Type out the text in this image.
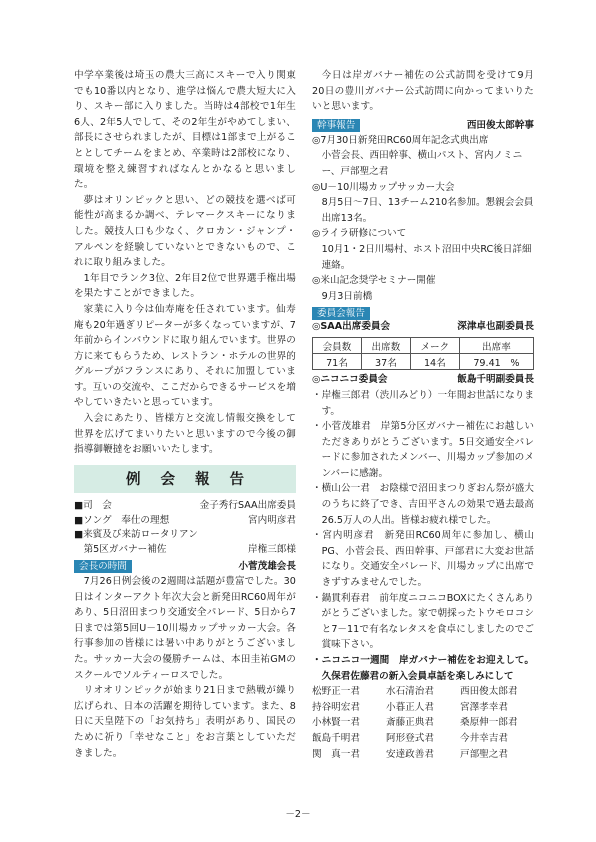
中学卒業後は埼玉の農大三高にスキーで入り関東でも10番以内となり、進学は悩んで農大短大に入り、スキー部に入りました。当時は4部校で1年生6人、2年5人でして、その2年生がやめてしまい、部長にさせられましたが、目標は1部まで上がることとしてチームをまとめ、卒業時は2部校になり、環境を整え練習すればなんとかなると思いました。

夢はオリンピックと思い、どの競技を選べば可能性が高まるか調べ、テレマークスキーになりました。競技人口も少なく、クロカン・ジャンプ・アルペンを経験していないとできないもので、これに取り組みました。

1年目でランク3位、2年目2位で世界選手権出場を果たすことができました。

家業に入り今は仙寿庵を任されています。仙寿庵も20年過ぎリピーターが多くなっていますが、7年前からインバウンドに取り組んでいます。世界の方に来てもらうため、レストラン・ホテルの世界的グループがフランスにあり、それに加盟しています。互いの交流や、ここだからできるサービスを増やしていきたいと思っています。

入会にあたり、皆様方と交流し情報交換をして世界を広げてまいりたいと思いますので今後の御指導御鞭撻をお願いいたします。

例会報告
■司　会	金子秀行SAA出席委員
■ソング　奉仕の理想	宮内明彦君
■来賓及び来訪ロータリアン
　第5区ガバナー補佐	岸権三郎様
会長の時間	小菅茂雄会長

7月26日例会後の2週間は話題が豊富でした。30日はインターアクト年次大会と新発田RC60周年があり、5日沼田まつり交通安全パレード、5日から7日までは第5回U－10川場カップサッカー大会。各行事参加の皆様には暑い中ありがとうございました。サッカー大会の優勝チームは、本田圭祐GMのスクールでソルティーロスでした。

リオオリンピックが始まり21日まで熱戦が繰り広げられ、日本の活躍を期待しています。また、8日に天皇陛下の「お気持ち」表明があり、国民のために祈り「幸せなこと」をお言葉としていただきました。

今日は岸ガバナー補佐の公式訪問を受けて9月20日の豊川ガバナー公式訪問に向かってまいりたいと思います。

幹事報告	西田俊太郎幹事

◎7月30日新発田RC60周年記念式典出席

小菅会長、西田幹事、横山パスト、宮内ノミニー、戸部聖之君

◎U－10川場カップサッカー大会

8月5日～7日、13チーム210名参加。懇親会会員出席13名。

◎ライラ研修について

10月1・2日川場村、ホスト沼田中央RC後日詳細連絡。

◎米山記念奨学セミナー開催

9月3日前橋

委員会報告
◎SAA出席委員会	深津卓也副委員長
会員数	出席数	メーク	出席率
71名	37名	14名	79.41　%
◎ニコニコ委員会	飯島千明副委員長

・岸権三郎君（渋川みどり）一年間お世話になります。

・小菅茂雄君　岸第5分区ガバナー補佐にお越しいただきありがとうございます。5日交通安全パレードに参加されたメンバー、川場カップ参加のメンバーに感謝。

・横山公一君　お陰様で沼田まつりぎおん祭が盛大のうちに終了でき、吉田平さんの効果で過去最高26.5万人の人出。皆様お疲れ様でした。

・宮内明彦君　新発田RC60周年に参加し、横山PG、小菅会長、西田幹事、戸部君に大変お世話になり。交通安全パレード、川場カップに出席できずすみませんでした。

・鍋貫利春君　前年度ニコニコBOXにたくさんありがとうございました。家で朝採ったトウモロコシと7－11で有名なレタスを食卓にしましたのでご賞味下さい。

・ニコニコ一週間　岸ガバナー補佐をお迎えして。久保君佐藤君の新入会員卓話を楽しみにして

松野正一君	水石清治君	西田俊太郎君
持谷明宏君	小暮正人君	宮澤孝幸君
小林賢一君	斎藤正典君	桑原伸一郎君
飯島千明君	阿形登式君	今井幸吉君
関　真一君	安達政善君	戸部聖之君
－2－
